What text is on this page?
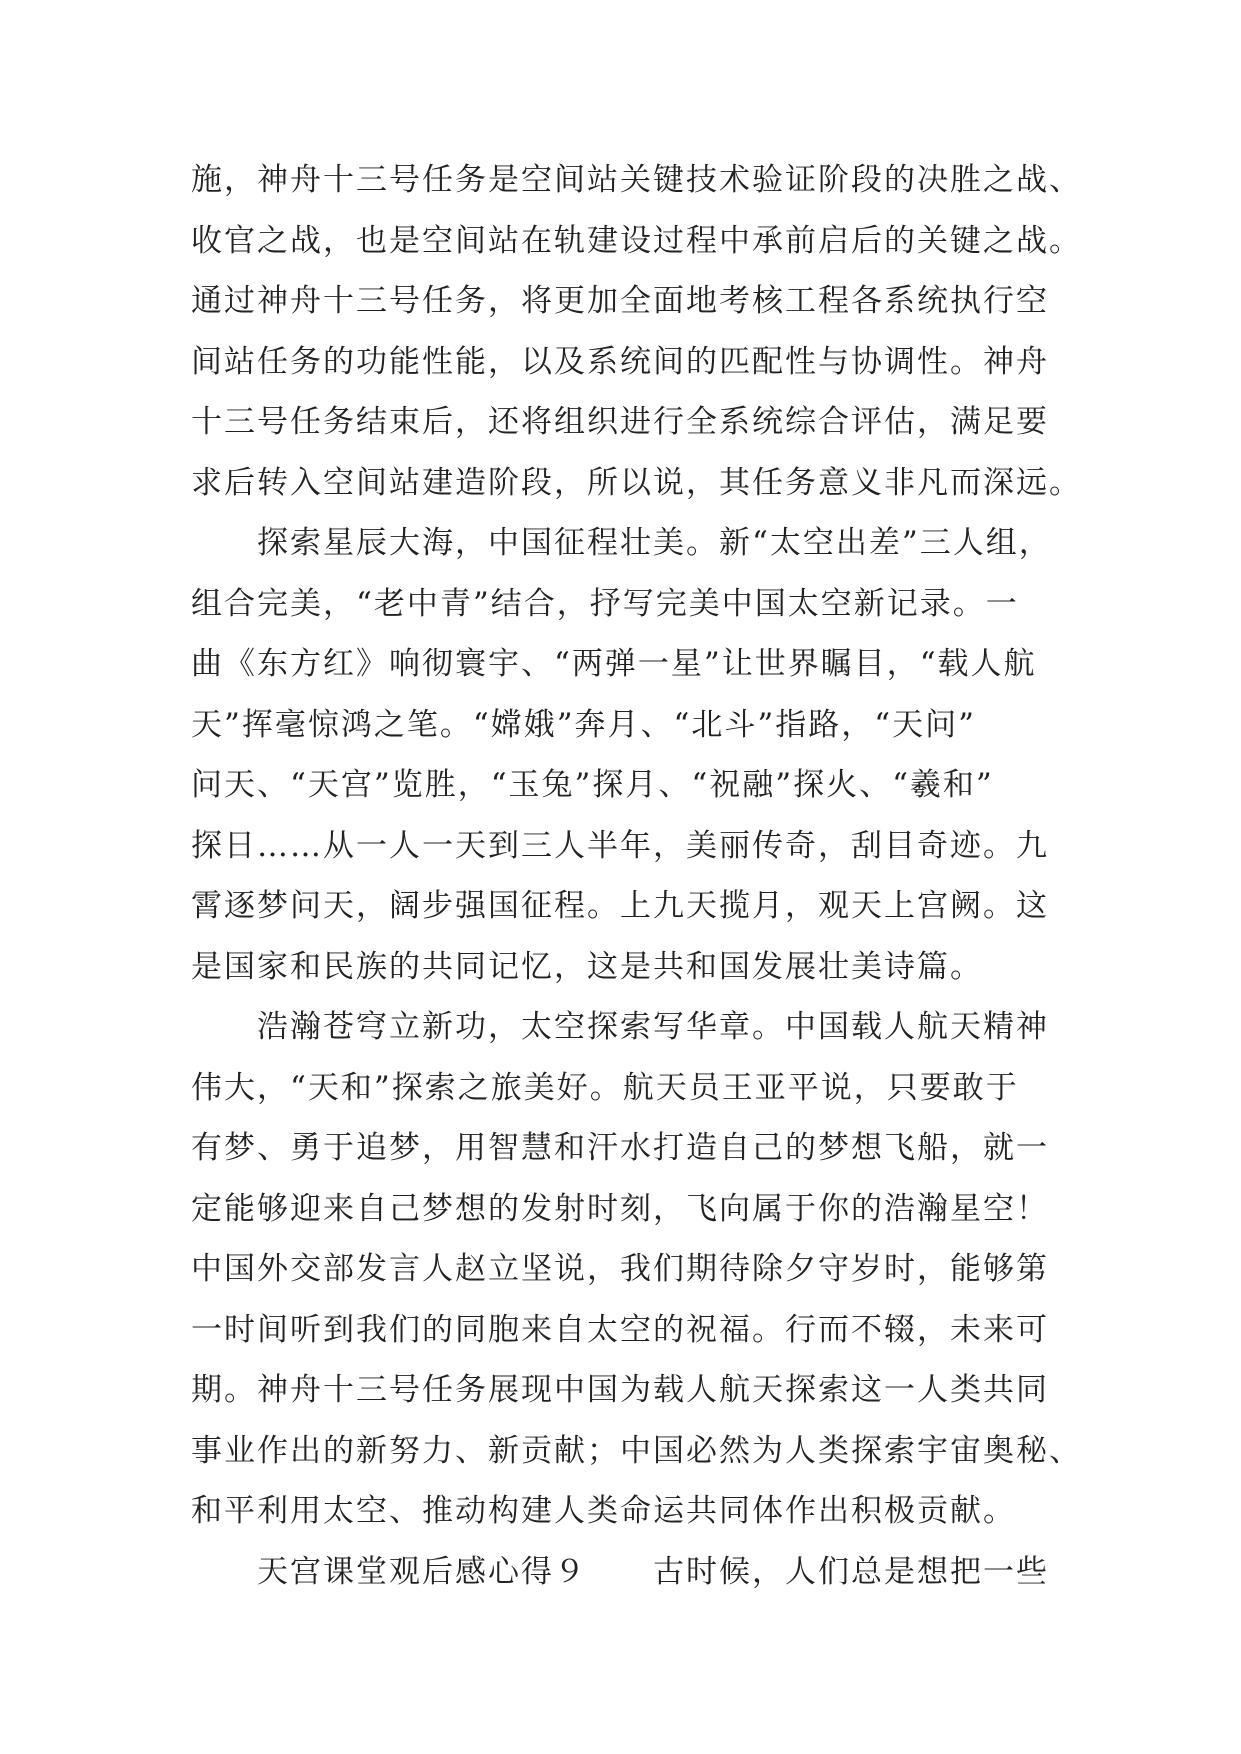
施，神舟十三号任务是空间站关键技术验证阶段的决胜之战、
收官之战，也是空间站在轨建设过程中承前启后的关键之战。
通过神舟十三号任务，将更加全面地考核工程各系统执行空
间站任务的功能性能，以及系统间的匹配性与协调性。神舟
十三号任务结束后，还将组织进行全系统综合评估，满足要
求后转入空间站建造阶段，所以说，其任务意义非凡而深远。
　　探索星辰大海，中国征程壮美。新“太空出差”三人组，
组合完美，“老中青”结合，抒写完美中国太空新记录。一
曲《东方红》响彻寰宇、“两弹一星”让世界瞩目，“载人航
天”挥毫惊鸿之笔。“嫦娥”奔月、“北斗”指路，“天问”
问天、“天宫”览胜，“玉兔”探月、“祝融”探火、“羲和”
探日……从一人一天到三人半年，美丽传奇，刮目奇迹。九
霄逐梦问天，阔步强国征程。上九天揽月，观天上宫阙。这
是国家和民族的共同记忆，这是共和国发展壮美诗篇。
　　浩瀚苍穹立新功，太空探索写华章。中国载人航天精神
伟大，“天和”探索之旅美好。航天员王亚平说，只要敢于
有梦、勇于追梦，用智慧和汗水打造自己的梦想飞船，就一
定能够迎来自己梦想的发射时刻，飞向属于你的浩瀚星空！
中国外交部发言人赵立坚说，我们期待除夕守岁时，能够第
一时间听到我们的同胞来自太空的祝福。行而不辍，未来可
期。神舟十三号任务展现中国为载人航天探索这一人类共同
事业作出的新努力、新贡献；中国必然为人类探索宇宙奥秘、
和平利用太空、推动构建人类命运共同体作出积极贡献。
　　天宫课堂观后感心得９　　古时候，人们总是想把一些
